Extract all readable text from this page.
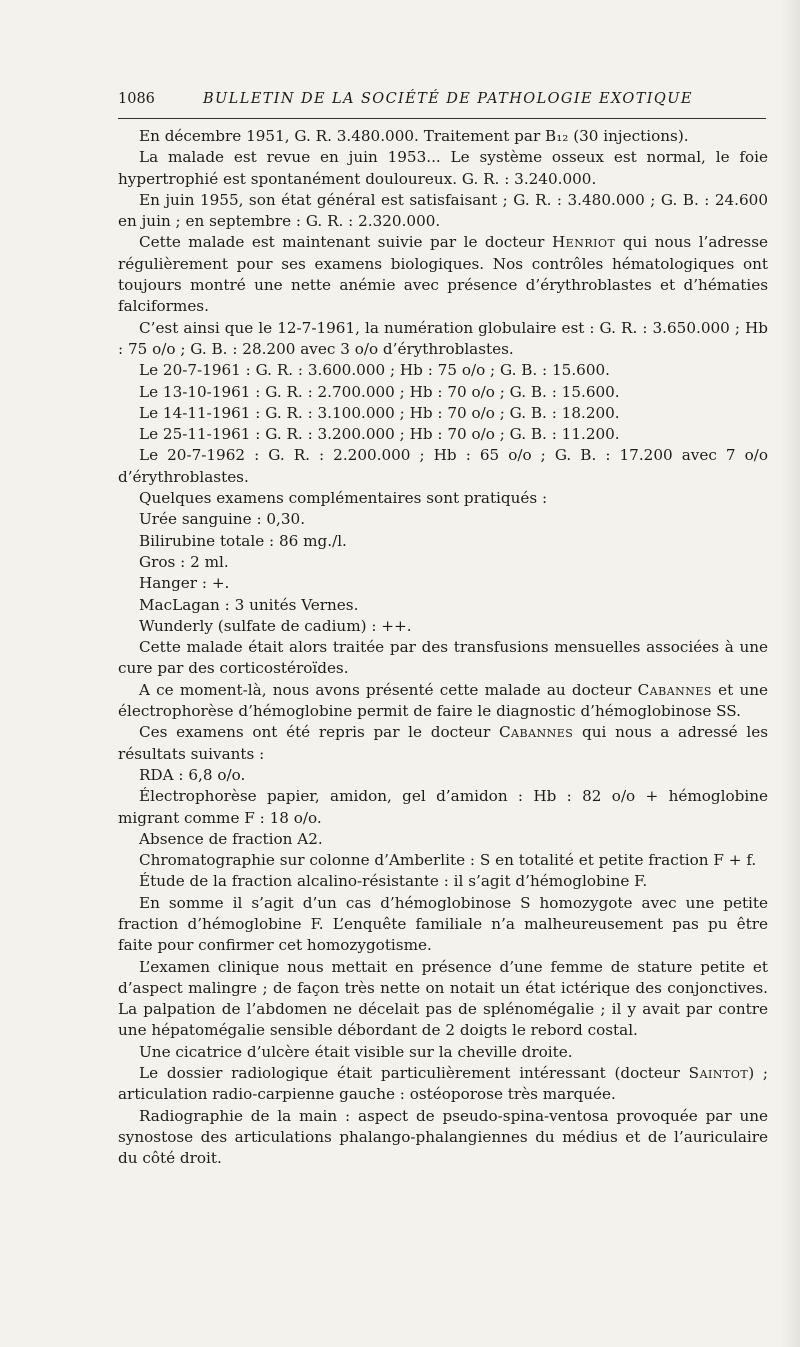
1086	BULLETIN DE LA SOCIÉTÉ DE PATHOLOGIE EXOTIQUE

En décembre 1951, G. R. 3.480.000. Traitement par B₁₂ (30 injections).

La malade est revue en juin 1953... Le système osseux est normal, le foie hypertrophié est spontanément douloureux. G. R. : 3.240.000.

En juin 1955, son état général est satisfaisant ; G. R. : 3.480.000 ; G. B. : 24.600 en juin ; en septembre : G. R. : 2.320.000.

Cette malade est maintenant suivie par le docteur Henriot qui nous l’adresse régulièrement pour ses examens biologiques. Nos contrôles hématologiques ont toujours montré une nette anémie avec présence d’érythroblastes et d’hématies falciformes.

C’est ainsi que le 12-7-1961, la numération globulaire est : G. R. : 3.650.000 ; Hb : 75 o/o ; G. B. : 28.200 avec 3 o/o d’érythroblastes.

Le 20-7-1961 : G. R. : 3.600.000 ; Hb : 75 o/o ; G. B. : 15.600.

Le 13-10-1961 : G. R. : 2.700.000 ; Hb : 70 o/o ; G. B. : 15.600.

Le 14-11-1961 : G. R. : 3.100.000 ; Hb : 70 o/o ; G. B. : 18.200.

Le 25-11-1961 : G. R. : 3.200.000 ; Hb : 70 o/o ; G. B. : 11.200.

Le 20-7-1962 : G. R. : 2.200.000 ; Hb : 65 o/o ; G. B. : 17.200 avec 7 o/o d’érythroblastes.

Quelques examens complémentaires sont pratiqués :

Urée sanguine : 0,30.

Bilirubine totale : 86 mg./l.

Gros : 2 ml.

Hanger : +.

MacLagan : 3 unités Vernes.

Wunderly (sulfate de cadium) : ++.

Cette malade était alors traitée par des transfusions mensuelles associées à une cure par des corticostéroïdes.

A ce moment-là, nous avons présenté cette malade au docteur Cabannes et une électrophorèse d’hémoglobine permit de faire le diagnostic d’hémoglobinose SS.

Ces examens ont été repris par le docteur Cabannes qui nous a adressé les résultats suivants :

RDA : 6,8 o/o.

Électrophorèse papier, amidon, gel d’amidon : Hb : 82 o/o + hémoglobine migrant comme F : 18 o/o.

Absence de fraction A2.

Chromatographie sur colonne d’Amberlite : S en totalité et petite fraction F + f.

Étude de la fraction alcalino-résistante : il s’agit d’hémoglobine F.

En somme il s’agit d’un cas d’hémoglobinose S homozygote avec une petite fraction d’hémoglobine F. L’enquête familiale n’a malheureusement pas pu être faite pour confirmer cet homozygotisme.

L’examen clinique nous mettait en présence d’une femme de stature petite et d’aspect malingre ; de façon très nette on notait un état ictérique des conjonctives. La palpation de l’abdomen ne décelait pas de splénomégalie ; il y avait par contre une hépatomégalie sensible débordant de 2 doigts le rebord costal.

Une cicatrice d’ulcère était visible sur la cheville droite.

Le dossier radiologique était particulièrement intéressant (docteur Saintot) ; articulation radio-carpienne gauche : ostéoporose très marquée.

Radiographie de la main : aspect de pseudo-spina-ventosa provoquée par une synostose des articulations phalango-phalangiennes du médius et de l’auriculaire du côté droit.
